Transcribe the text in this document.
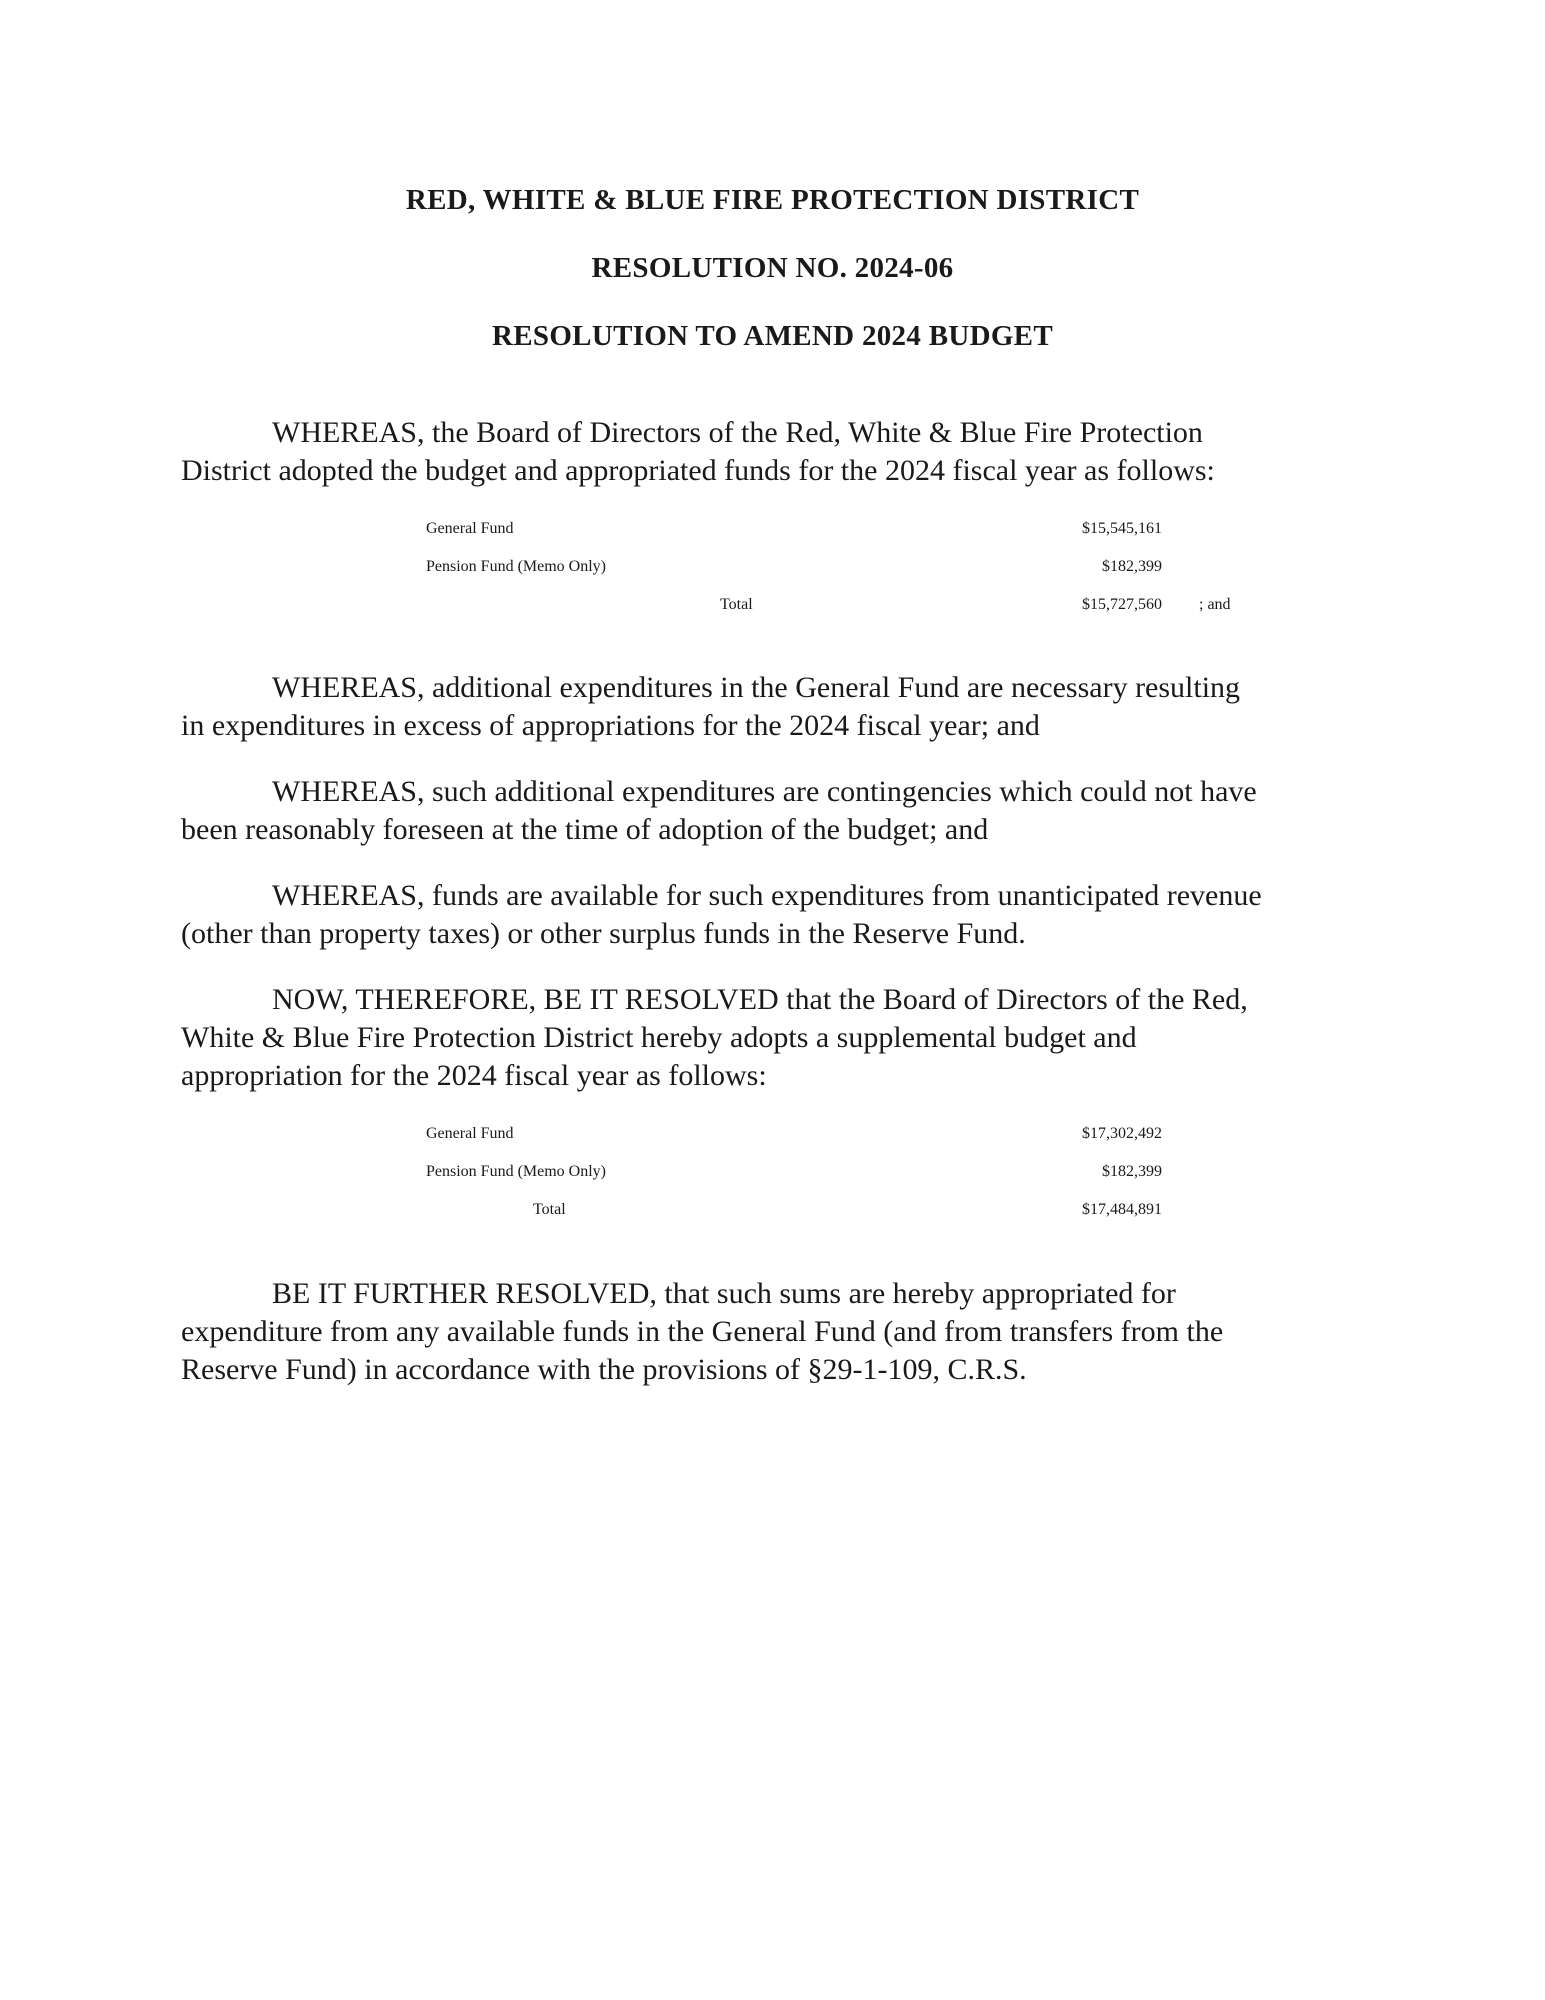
RED, WHITE & BLUE FIRE PROTECTION DISTRICT
RESOLUTION NO. 2024-06
RESOLUTION TO AMEND 2024 BUDGET
WHEREAS, the Board of Directors of the Red, White & Blue Fire Protection
District adopted the budget and appropriated funds for the 2024 fiscal year as follows:
General Fund	$15,545,161
Pension Fund (Memo Only)	$182,399
Total	$15,727,560 ; and
WHEREAS, additional expenditures in the General Fund are necessary resulting
in expenditures in excess of appropriations for the 2024 fiscal year; and
WHEREAS, such additional expenditures are contingencies which could not have
been reasonably foreseen at the time of adoption of the budget; and
WHEREAS, funds are available for such expenditures from unanticipated revenue
(other than property taxes) or other surplus funds in the Reserve Fund.
NOW, THEREFORE, BE IT RESOLVED that the Board of Directors of the Red,
White & Blue Fire Protection District hereby adopts a supplemental budget and
appropriation for the 2024 fiscal year as follows:
General Fund	$17,302,492
Pension Fund (Memo Only)	$182,399
Total	$17,484,891
BE IT FURTHER RESOLVED, that such sums are hereby appropriated for
expenditure from any available funds in the General Fund (and from transfers from the
Reserve Fund) in accordance with the provisions of §29-1-109, C.R.S.
